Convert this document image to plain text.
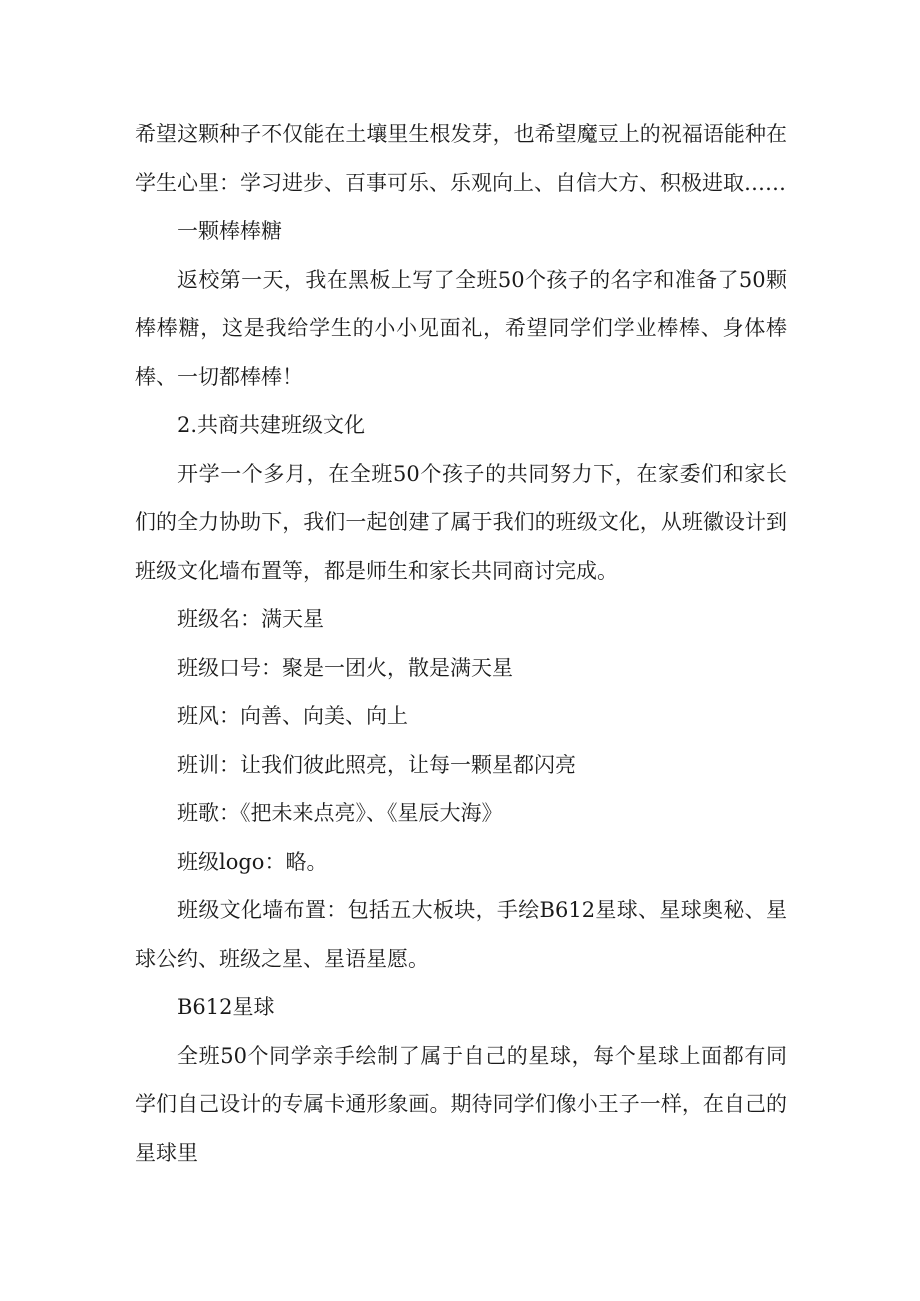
希望这颗种子不仅能在土壤里生根发芽，也希望魔豆上的祝福语能种在学生心里：学习进步、百事可乐、乐观向上、自信大方、积极进取……

一颗棒棒糖

返校第一天，我在黑板上写了全班50个孩子的名字和准备了50颗棒棒糖，这是我给学生的小小见面礼，希望同学们学业棒棒、身体棒棒、一切都棒棒！

2.共商共建班级文化

开学一个多月，在全班50个孩子的共同努力下，在家委们和家长们的全力协助下，我们一起创建了属于我们的班级文化，从班徽设计到班级文化墙布置等，都是师生和家长共同商讨完成。

班级名：满天星

班级口号：聚是一团火，散是满天星

班风：向善、向美、向上

班训：让我们彼此照亮，让每一颗星都闪亮

班歌：《把未来点亮》、《星辰大海》

班级logo：略。

班级文化墙布置：包括五大板块，手绘B612星球、星球奥秘、星球公约、班级之星、星语星愿。

B612星球

全班50个同学亲手绘制了属于自己的星球，每个星球上面都有同学们自己设计的专属卡通形象画。期待同学们像小王子一样，在自己的星球里
